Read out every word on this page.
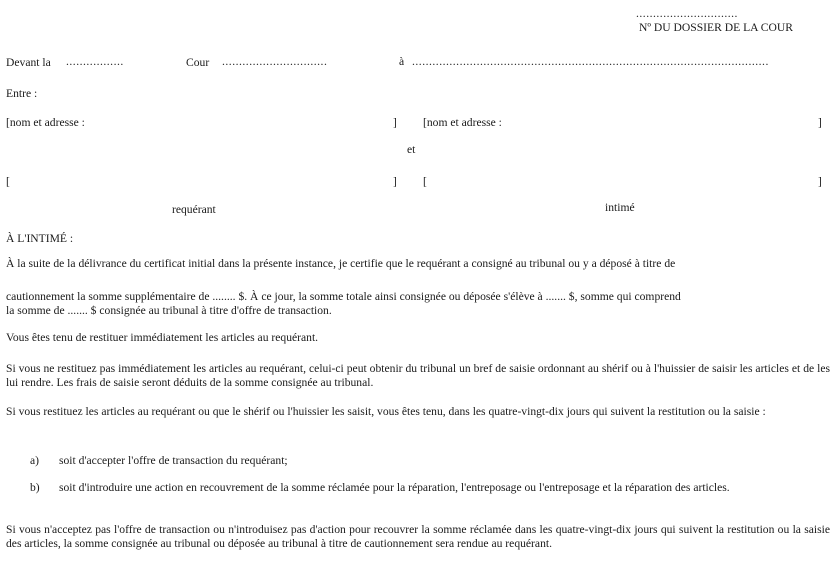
..............................
Nº DU DOSSIER DE LA COUR
Devant la .................	Cour ...............................	à .........................................................................................................
Entre :
[nom et adresse :	] [nom et adresse :	]
et
[	] [	]
requérant	intimé
À L'INTIMÉ :
À la suite de la délivrance du certificat initial dans la présente instance, je certifie que le requérant a consigné au tribunal ou y a déposé à titre de
cautionnement la somme supplémentaire de ........ $. À ce jour, la somme totale ainsi consignée ou déposée s'élève à ....... $, somme qui comprend
la somme de ....... $ consignée au tribunal à titre d'offre de transaction.
Vous êtes tenu de restituer immédiatement les articles au requérant.
Si vous ne restituez pas immédiatement les articles au requérant, celui-ci peut obtenir du tribunal un bref de saisie ordonnant au shérif ou à l'huissier de saisir les articles et de les lui rendre. Les frais de saisie seront déduits de la somme consignée au tribunal.
Si vous restituez les articles au requérant ou que le shérif ou l'huissier les saisit, vous êtes tenu, dans les quatre-vingt-dix jours qui suivent la restitution ou la saisie :
a) soit d'accepter l'offre de transaction du requérant;
b) soit d'introduire une action en recouvrement de la somme réclamée pour la réparation, l'entreposage ou l'entreposage et la réparation des articles.
Si vous n'acceptez pas l'offre de transaction ou n'introduisez pas d'action pour recouvrer la somme réclamée dans les quatre-vingt-dix jours qui suivent la restitution ou la saisie des articles, la somme consignée au tribunal ou déposée au tribunal à titre de cautionnement sera rendue au requérant.
